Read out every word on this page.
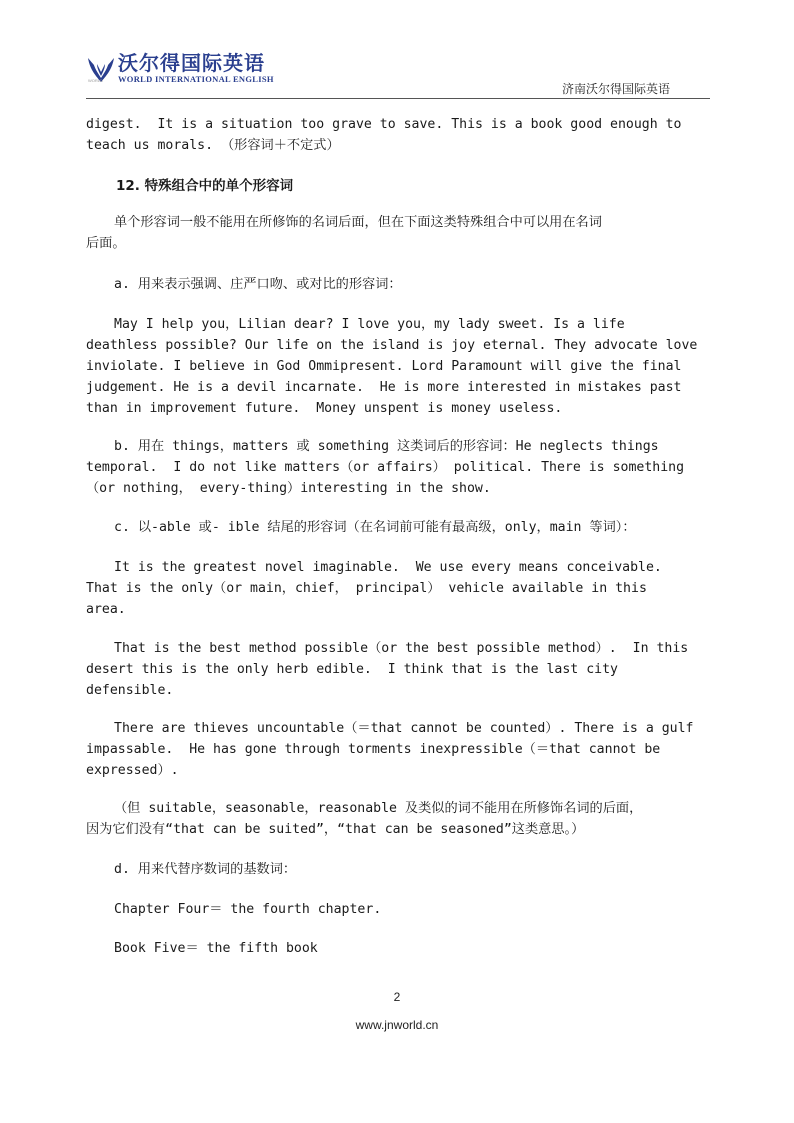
沃尔得国际英语
WORLD INTERNATIONAL ENGLISH
WORLD
济南沃尔得国际英语

digest.  It is a situation too grave to save. This is a book good enough to

teach us morals. （形容词＋不定式）

12. 特殊组合中的单个形容词

单个形容词一般不能用在所修饰的名词后面，但在下面这类特殊组合中可以用在名词

后面。

a. 用来表示强调、庄严口吻、或对比的形容词：

May I help you，Lilian dear? I love you，my lady sweet. Is a life

deathless possible? Our life on the island is joy eternal. They advocate love

inviolate. I believe in God Ommipresent. Lord Paramount will give the final

judgement. He is a devil incarnate.  He is more interested in mistakes past

than in improvement future.  Money unspent is money useless.

b. 用在 things，matters 或 something 这类词后的形容词：He neglects things

temporal.  I do not like matters（or affairs） political. There is something

（or nothing， every-thing）interesting in the show.

c. 以-able 或- ible 结尾的形容词（在名词前可能有最高级，only，main 等词）：

It is the greatest novel imaginable.  We use every means conceivable.

That is the only（or main，chief， principal） vehicle available in this

area.

That is the best method possible（or the best possible method）.  In this

desert this is the only herb edible.  I think that is the last city

defensible.

There are thieves uncountable（＝that cannot be counted）. There is a gulf

impassable.  He has gone through torments inexpressible（＝that cannot be

expressed）.

（但 suitable，seasonable，reasonable 及类似的词不能用在所修饰名词的后面，

因为它们没有“that can be suited”，“that can be seasoned”这类意思。）

d. 用来代替序数词的基数词：

Chapter Four＝ the fourth chapter.

Book Five＝ the fifth book

2
www.jnworld.cn
